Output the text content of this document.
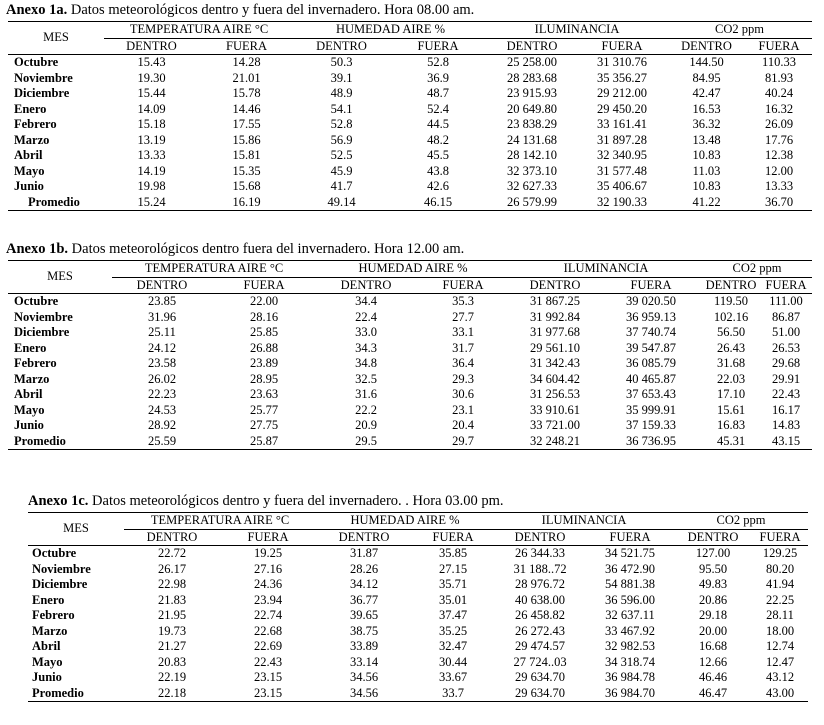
Anexo 1a. Datos meteorológicos dentro y fuera del invernadero. Hora 08.00 am.
MES	TEMPERATURA AIRE °C		HUMEDAD AIRE %		ILUMINANCIA		CO2 ppm	
	DENTRO	FUERA	DENTRO	FUERA	DENTRO	FUERA	DENTRO	FUERA
Octubre	15.43	14.28	50.3	52.8	25 258.00	31 310.76	144.50	110.33
Noviembre	19.30	21.01	39.1	36.9	28 283.68	35 356.27	84.95	81.93
Diciembre	15.44	15.78	48.9	48.7	23 915.93	29 212.00	42.47	40.24
Enero	14.09	14.46	54.1	52.4	20 649.80	29 450.20	16.53	16.32
Febrero	15.18	17.55	52.8	44.5	23 838.29	33 161.41	36.32	26.09
Marzo	13.19	15.86	56.9	48.2	24 131.68	31 897.28	13.48	17.76
Abril	13.33	15.81	52.5	45.5	28 142.10	32 340.95	10.83	12.38
Mayo	14.19	15.35	45.9	43.8	32 373.10	31 577.48	11.03	12.00
Junio	19.98	15.68	41.7	42.6	32 627.33	35 406.67	10.83	13.33
Promedio	15.24	16.19	49.14	46.15	26 579.99	32 190.33	41.22	36.70
Anexo 1b. Datos meteorológicos dentro fuera del invernadero. Hora 12.00 am.
MES	TEMPERATURA AIRE °C		HUMEDAD AIRE %		ILUMINANCIA		CO2 ppm	
	DENTRO	FUERA	DENTRO	FUERA	DENTRO	FUERA	DENTRO	FUERA
Octubre	23.85	22.00	34.4	35.3	31 867.25	39 020.50	119.50	111.00
Noviembre	31.96	28.16	22.4	27.7	31 992.84	36 959.13	102.16	86.87
Diciembre	25.11	25.85	33.0	33.1	31 977.68	37 740.74	56.50	51.00
Enero	24.12	26.88	34.3	31.7	29 561.10	39 547.87	26.43	26.53
Febrero	23.58	23.89	34.8	36.4	31 342.43	36 085.79	31.68	29.68
Marzo	26.02	28.95	32.5	29.3	34 604.42	40 465.87	22.03	29.91
Abril	22.23	23.63	31.6	30.6	31 256.53	37 653.43	17.10	22.43
Mayo	24.53	25.77	22.2	23.1	33 910.61	35 999.91	15.61	16.17
Junio	28.92	27.75	20.9	20.4	33 721.00	37 159.33	16.83	14.83
Promedio	25.59	25.87	29.5	29.7	32 248.21	36 736.95	45.31	43.15
Anexo 1c. Datos meteorológicos dentro y fuera del invernadero. . Hora 03.00 pm.
MES	TEMPERATURA AIRE °C		HUMEDAD AIRE %		ILUMINANCIA		CO2 ppm	
	DENTRO	FUERA	DENTRO	FUERA	DENTRO	FUERA	DENTRO	FUERA
Octubre	22.72	19.25	31.87	35.85	26 344.33	34 521.75	127.00	129.25
Noviembre	26.17	27.16	28.26	27.15	31 188..72	36 472.90	95.50	80.20
Diciembre	22.98	24.36	34.12	35.71	28 976.72	54 881.38	49.83	41.94
Enero	21.83	23.94	36.77	35.01	40 638.00	36 596.00	20.86	22.25
Febrero	21.95	22.74	39.65	37.47	26 458.82	32 637.11	29.18	28.11
Marzo	19.73	22.68	38.75	35.25	26 272.43	33 467.92	20.00	18.00
Abril	21.27	22.69	33.89	32.47	29 474.57	32 982.53	16.68	12.74
Mayo	20.83	22.43	33.14	30.44	27 724..03	34 318.74	12.66	12.47
Junio	22.19	23.15	34.56	33.67	29 634.70	36 984.78	46.46	43.12
Promedio	22.18	23.15	34.56	33.7	29 634.70	36 984.70	46.47	43.00
